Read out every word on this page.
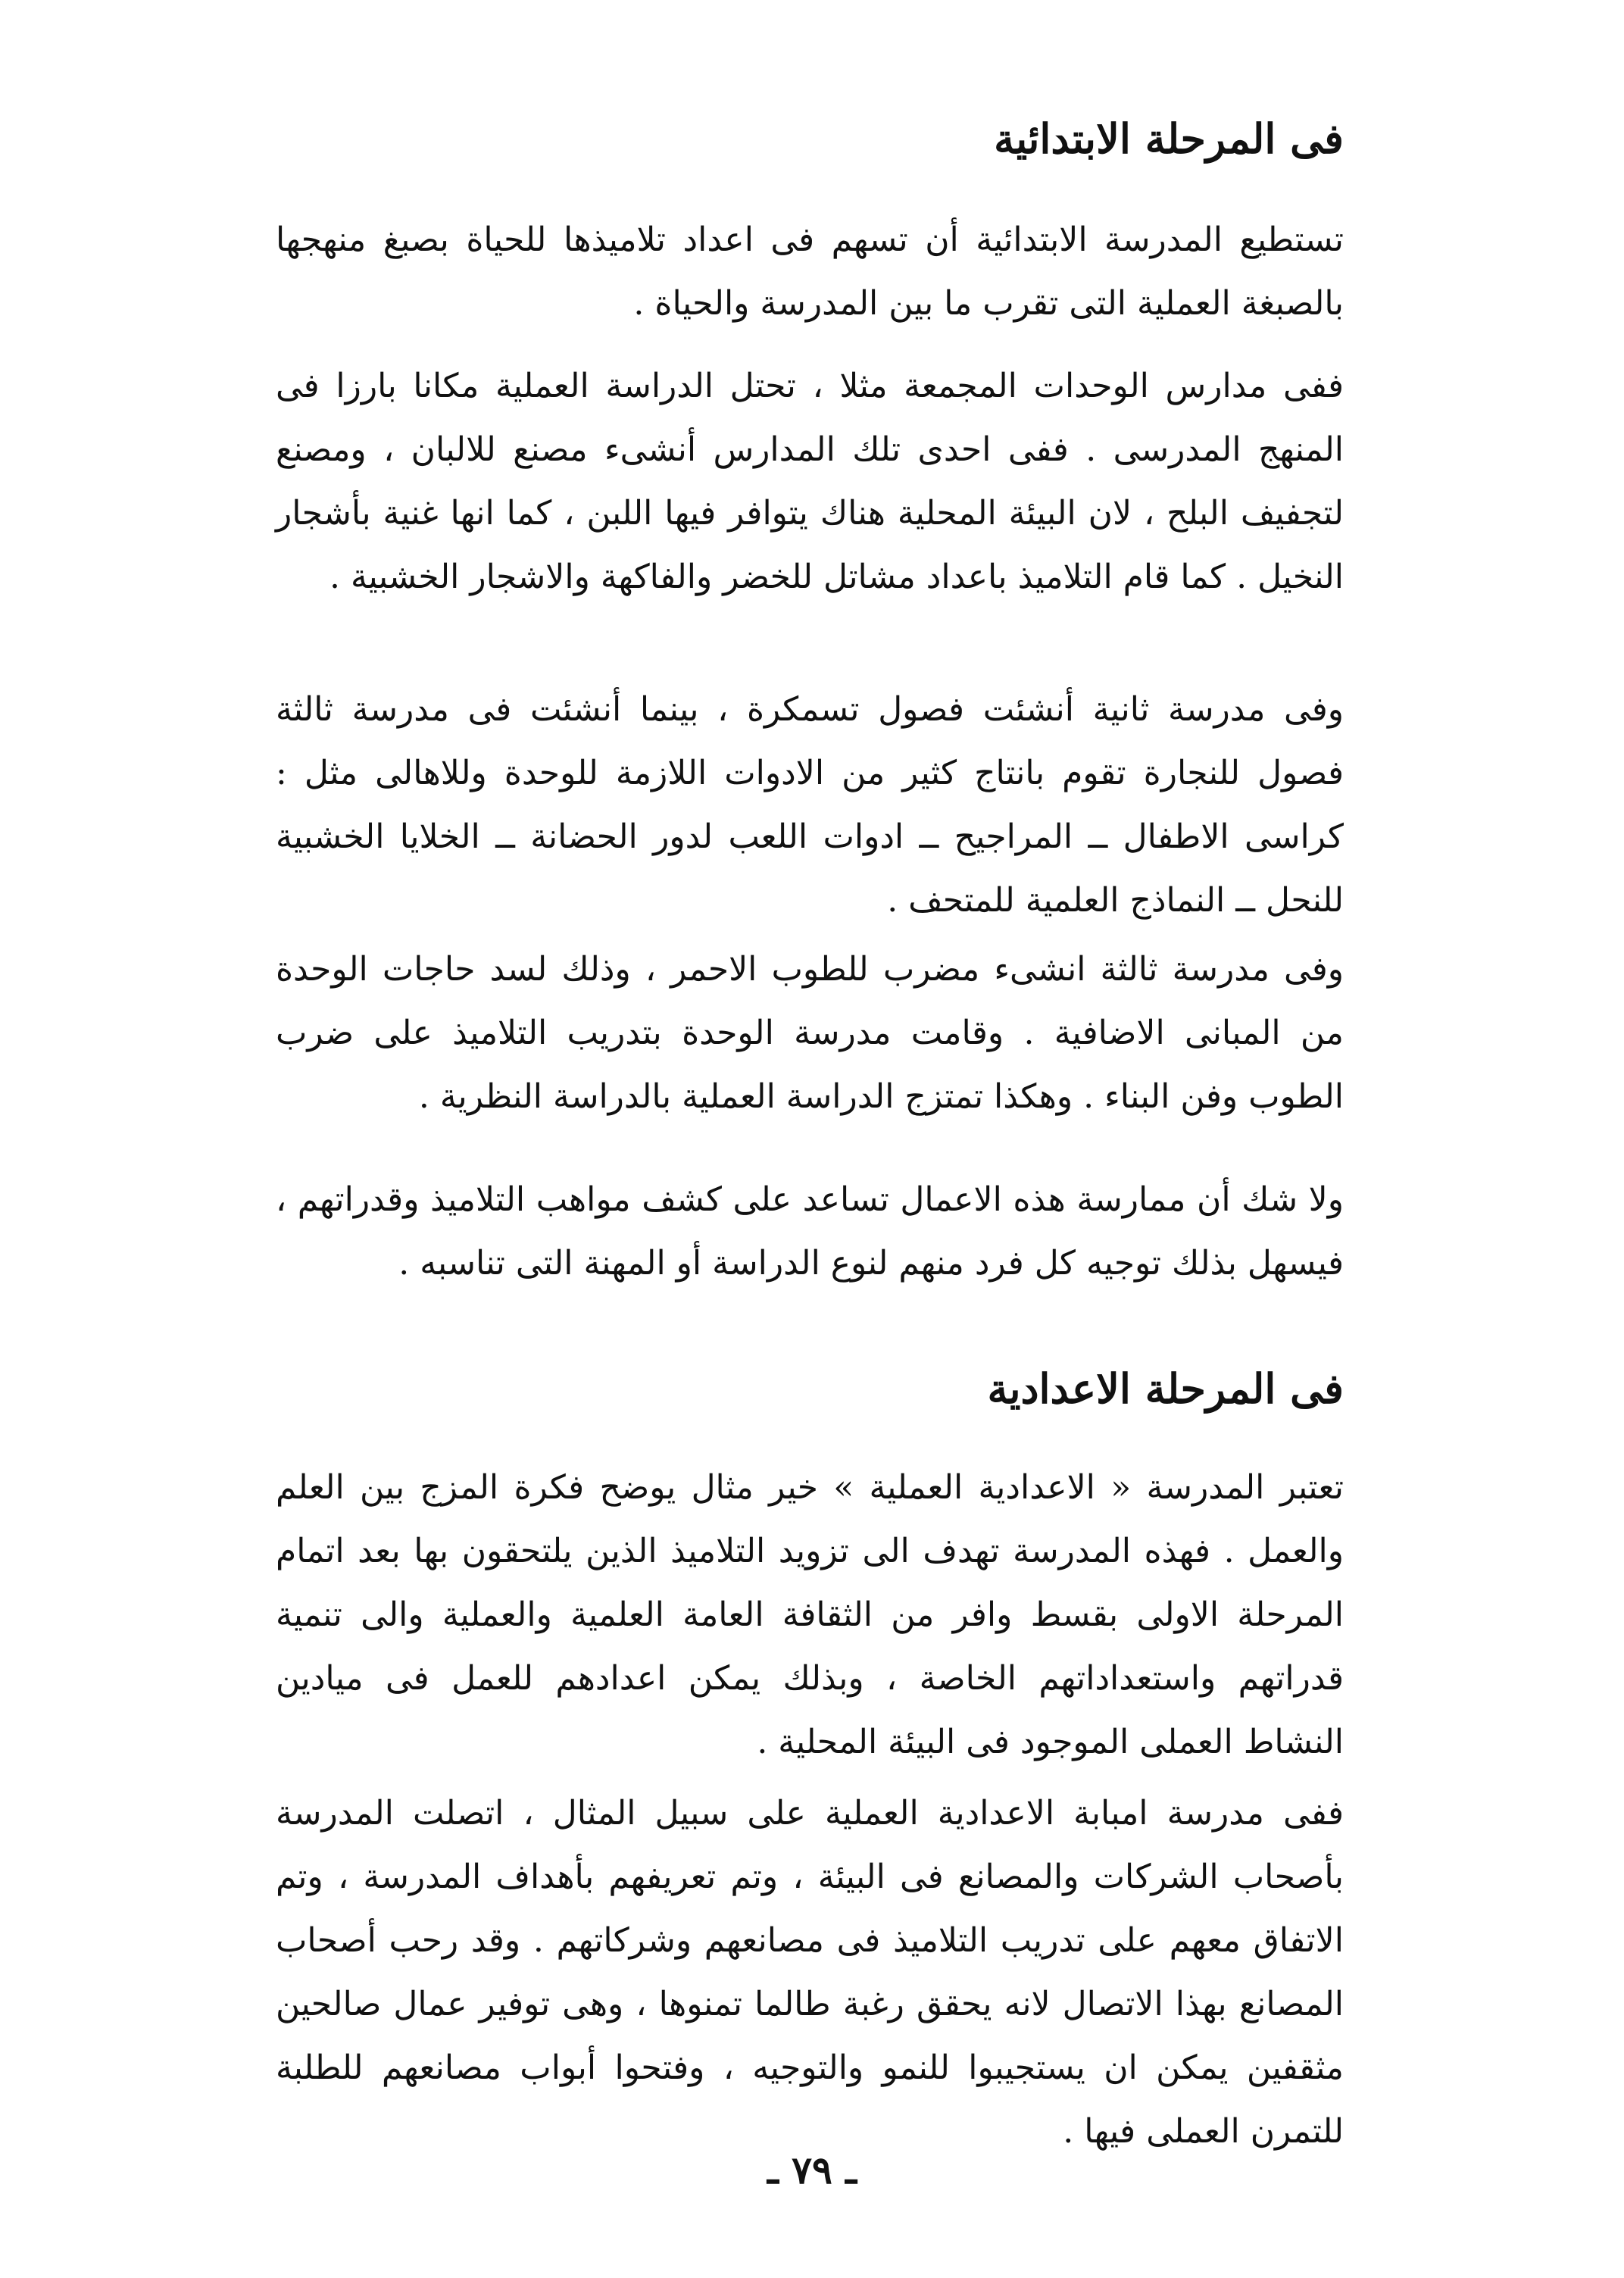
فى المرحلة الابتدائية
تستطيع المدرسة الابتدائية أن تسهم فى اعداد تلاميذها للحياة بصبغ منهجها بالصبغة العملية التى تقرب ما بين المدرسة والحياة .
ففى مدارس الوحدات المجمعة مثلا ، تحتل الدراسة العملية مكانا بارزا فى المنهج المدرسى . ففى احدى تلك المدارس أنشىء مصنع للالبان ، ومصنع لتجفيف البلح ، لان البيئة المحلية هناك يتوافر فيها اللبن ، كما انها غنية بأشجار النخيل . كما قام التلاميذ باعداد مشاتل للخضر والفاكهة والاشجار الخشبية .
وفى مدرسة ثانية أنشئت فصول تسمكرة ، بينما أنشئت فى مدرسة ثالثة فصول للنجارة تقوم بانتاج كثير من الادوات اللازمة للوحدة وللاهالى مثل : كراسى الاطفال ــ المراجيح ــ ادوات اللعب لدور الحضانة ــ الخلايا الخشبية للنحل ــ النماذج العلمية للمتحف .
وفى مدرسة ثالثة انشىء مضرب للطوب الاحمر ، وذلك لسد حاجات الوحدة من المبانى الاضافية . وقامت مدرسة الوحدة بتدريب التلاميذ على ضرب الطوب وفن البناء . وهكذا تمتزج الدراسة العملية بالدراسة النظرية .
ولا شك أن ممارسة هذه الاعمال تساعد على كشف مواهب التلاميذ وقدراتهم ، فيسهل بذلك توجيه كل فرد منهم لنوع الدراسة أو المهنة التى تناسبه .
فى المرحلة الاعدادية
تعتبر المدرسة « الاعدادية العملية » خير مثال يوضح فكرة المزج بين العلم والعمل . فهذه المدرسة تهدف الى تزويد التلاميذ الذين يلتحقون بها بعد اتمام المرحلة الاولى بقسط وافر من الثقافة العامة العلمية والعملية والى تنمية قدراتهم واستعداداتهم الخاصة ، وبذلك يمكن اعدادهم للعمل فى ميادين النشاط العملى الموجود فى البيئة المحلية .
ففى مدرسة امبابة الاعدادية العملية على سبيل المثال ، اتصلت المدرسة بأصحاب الشركات والمصانع فى البيئة ، وتم تعريفهم بأهداف المدرسة ، وتم الاتفاق معهم على تدريب التلاميذ فى مصانعهم وشركاتهم . وقد رحب أصحاب المصانع بهذا الاتصال لانه يحقق رغبة طالما تمنوها ، وهى توفير عمال صالحين مثقفين يمكن ان يستجيبوا للنمو والتوجيه ، وفتحوا أبواب مصانعهم للطلبة للتمرن العملى فيها .
ـ ٧٩ ـ
